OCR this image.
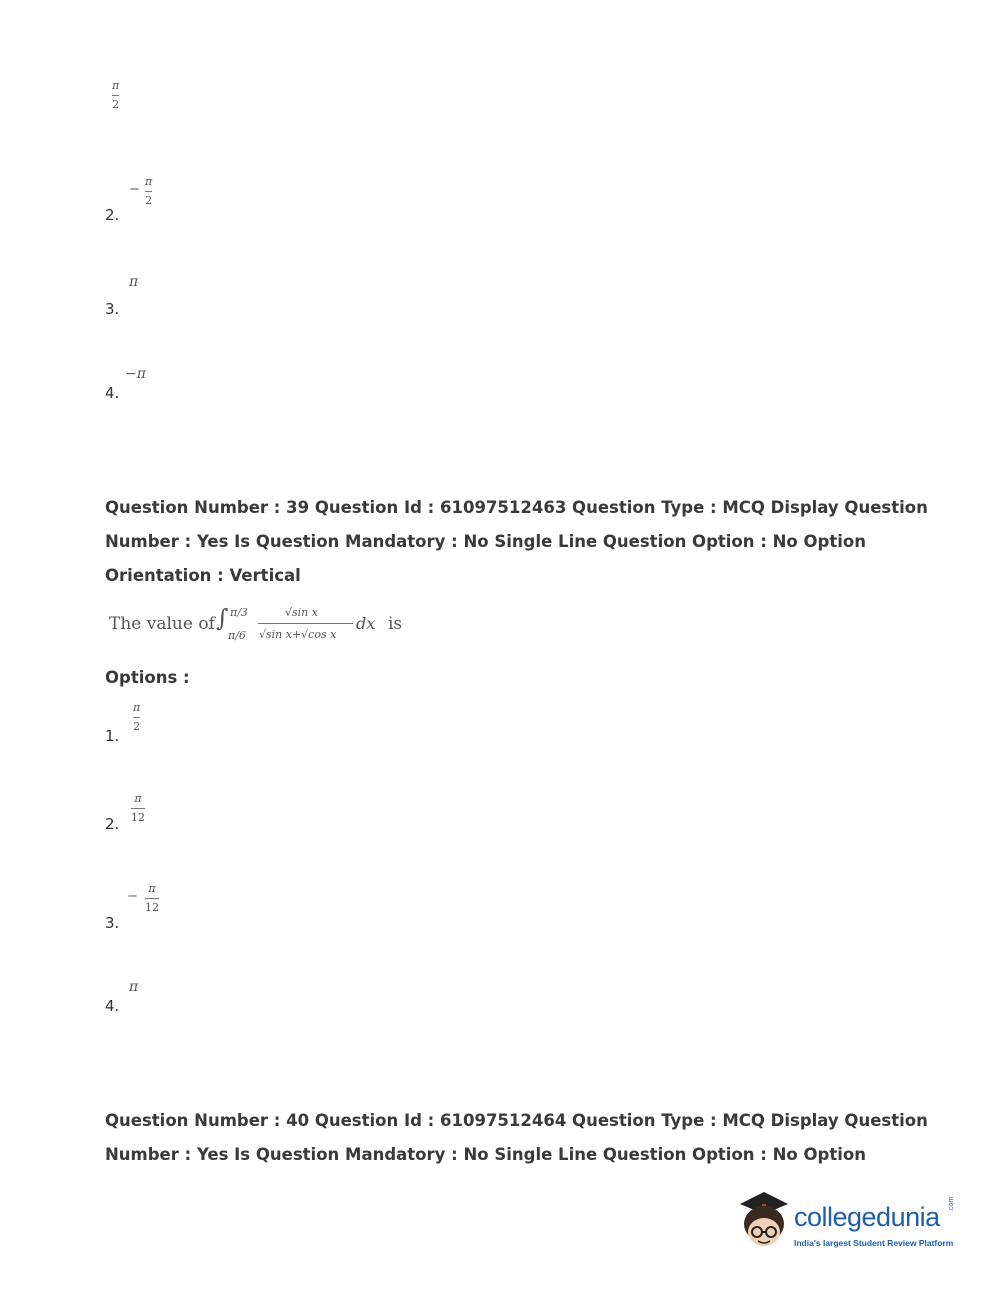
π
2
2.
−
π
2
3.
π
4.
−π
Question Number : 39 Question Id : 61097512463 Question Type : MCQ Display Question
Number : Yes Is Question Mandatory : No Single Line Question Option : No Option
Orientation : Vertical
The value of ∫ π/3
π/6
√sin x
√sin x+√cos x
dx is
Options :
1.
π
2
2.
π
12
3.
−
π
12
4.
π
Question Number : 40 Question Id : 61097512464 Question Type : MCQ Display Question
Number : Yes Is Question Mandatory : No Single Line Question Option : No Option
collegedunia .com
India's largest Student Review Platform
